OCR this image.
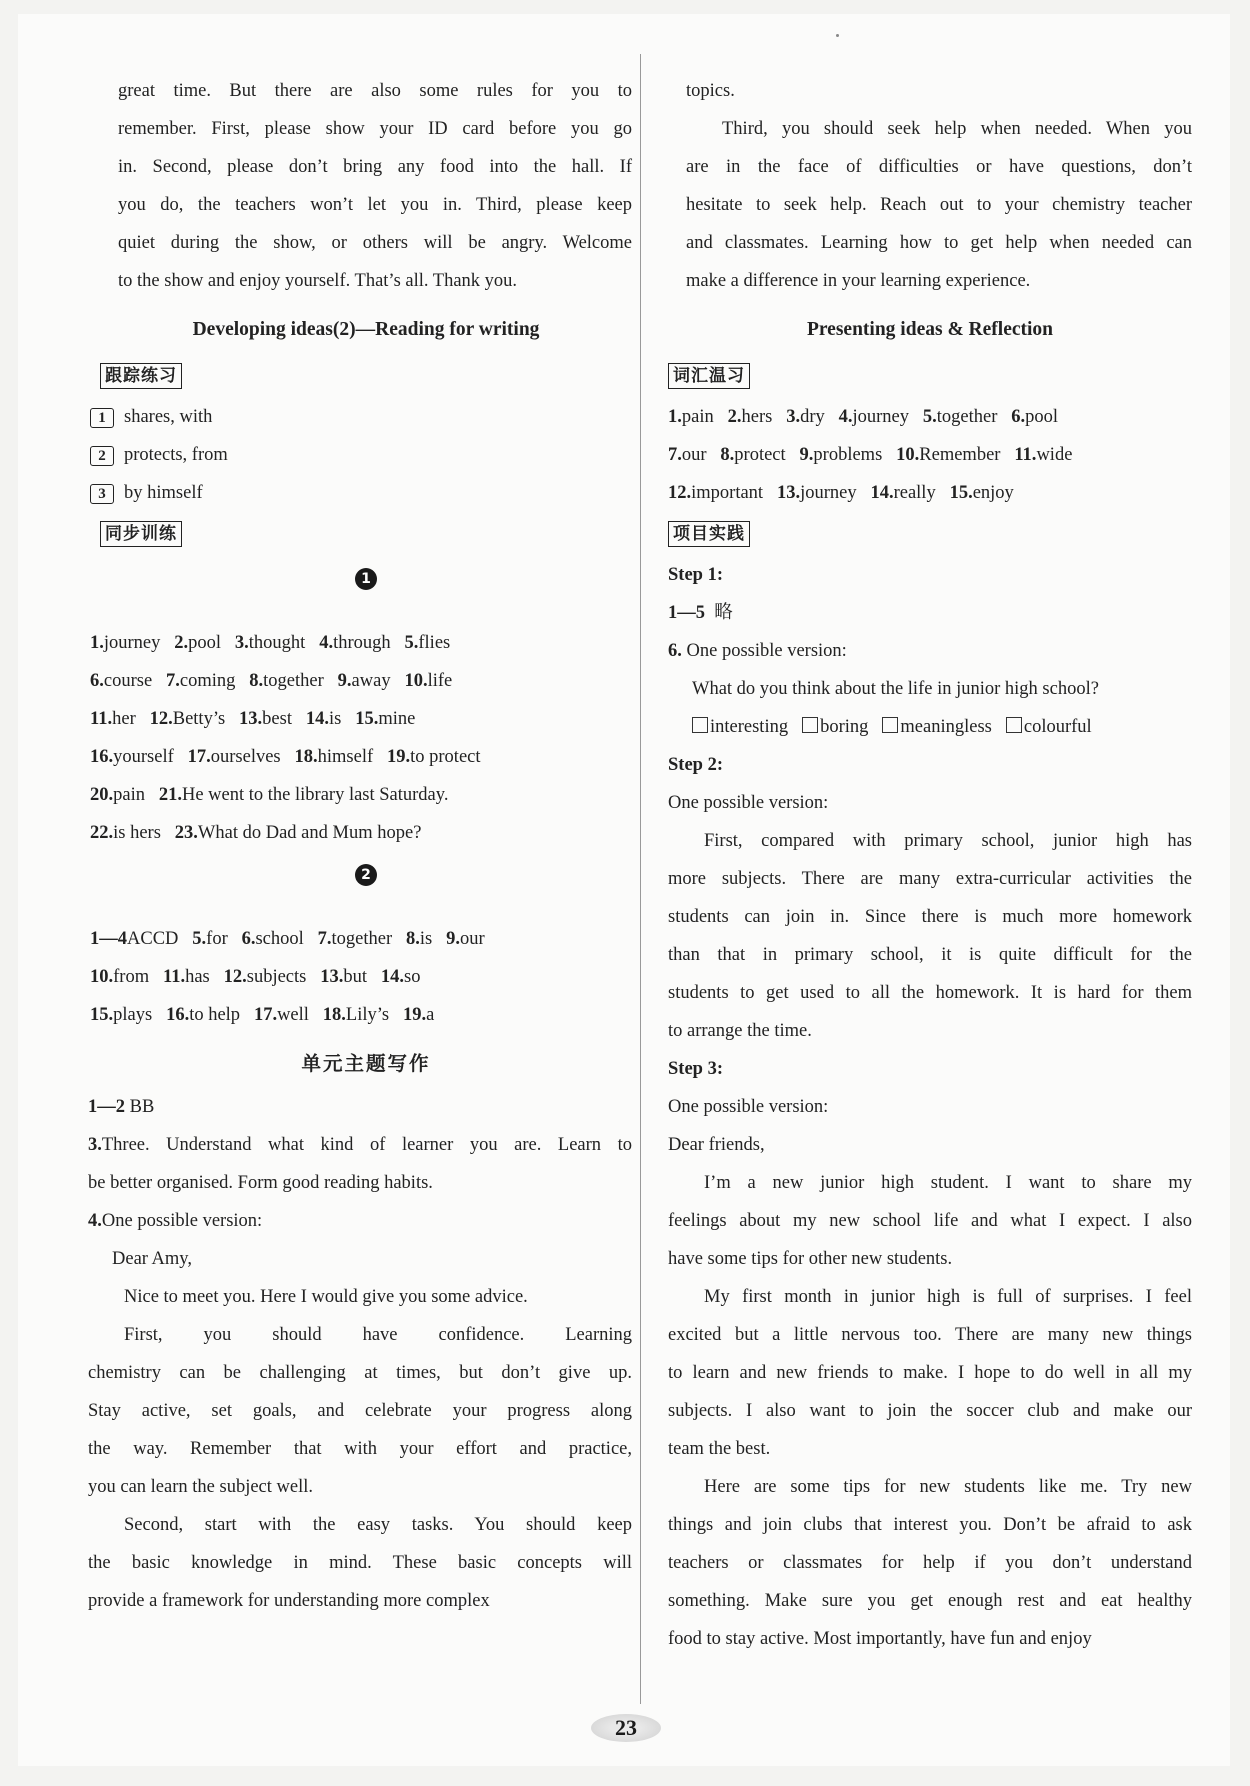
great time. But there are also some rules for you to
remember. First, please show your ID card before you go
in. Second, please don’t bring any food into the hall. If
you do, the teachers won’t let you in. Third, please keep
quiet during the show, or others will be angry. Welcome
to the show and enjoy yourself. That’s all. Thank you.
Developing ideas(2)—Reading for writing
跟踪练习
1 shares, with
2 protects, from
3 by himself
同步训练
1
1. journey 2. pool 3. thought 4. through 5. flies
6. course 7. coming 8. together 9. away 10. life
11. her 12. Betty’s 13. best 14. is 15. mine
16. yourself 17. ourselves 18. himself 19. to protect
20. pain 21. He went to the library last Saturday.
22. is hers 23. What do Dad and Mum hope?
2
1—4 ACCD 5. for 6. school 7. together 8. is 9. our
10. from 11. has 12. subjects 13. but 14. so
15. plays 16. to help 17. well 18. Lily’s 19. a
单元主题写作
1—2 BB
3.Three. Understand what kind of learner you are. Learn to
be better organised. Form good reading habits.
4.One possible version:
Dear Amy,
Nice to meet you. Here I would give you some advice.
First, you should have confidence. Learning
chemistry can be challenging at times, but don’t give up.
Stay active, set goals, and celebrate your progress along
the way. Remember that with your effort and practice,
you can learn the subject well.
Second, start with the easy tasks. You should keep
the basic knowledge in mind. These basic concepts will
provide a framework for understanding more complex
topics.
Third, you should seek help when needed. When you
are in the face of difficulties or have questions, don’t
hesitate to seek help. Reach out to your chemistry teacher
and classmates. Learning how to get help when needed can
make a difference in your learning experience.
Presenting ideas & Reflection
词汇温习
1. pain 2. hers 3. dry 4. journey 5. together 6. pool
7. our 8. protect 9. problems 10. Remember 11. wide
12. important 13. journey 14. really 15. enjoy
项目实践
Step 1:
1—5 略
6. One possible version:
What do you think about the life in junior high school?
interesting boring meaningless colourful
Step 2:
One possible version:
First, compared with primary school, junior high has
more subjects. There are many extra-curricular activities the
students can join in. Since there is much more homework
than that in primary school, it is quite difficult for the
students to get used to all the homework. It is hard for them
to arrange the time.
Step 3:
One possible version:
Dear friends,
I’m a new junior high student. I want to share my
feelings about my new school life and what I expect. I also
have some tips for other new students.
My first month in junior high is full of surprises. I feel
excited but a little nervous too. There are many new things
to learn and new friends to make. I hope to do well in all my
subjects. I also want to join the soccer club and make our
team the best.
Here are some tips for new students like me. Try new
things and join clubs that interest you. Don’t be afraid to ask
teachers or classmates for help if you don’t understand
something. Make sure you get enough rest and eat healthy
food to stay active. Most importantly, have fun and enjoy
23
